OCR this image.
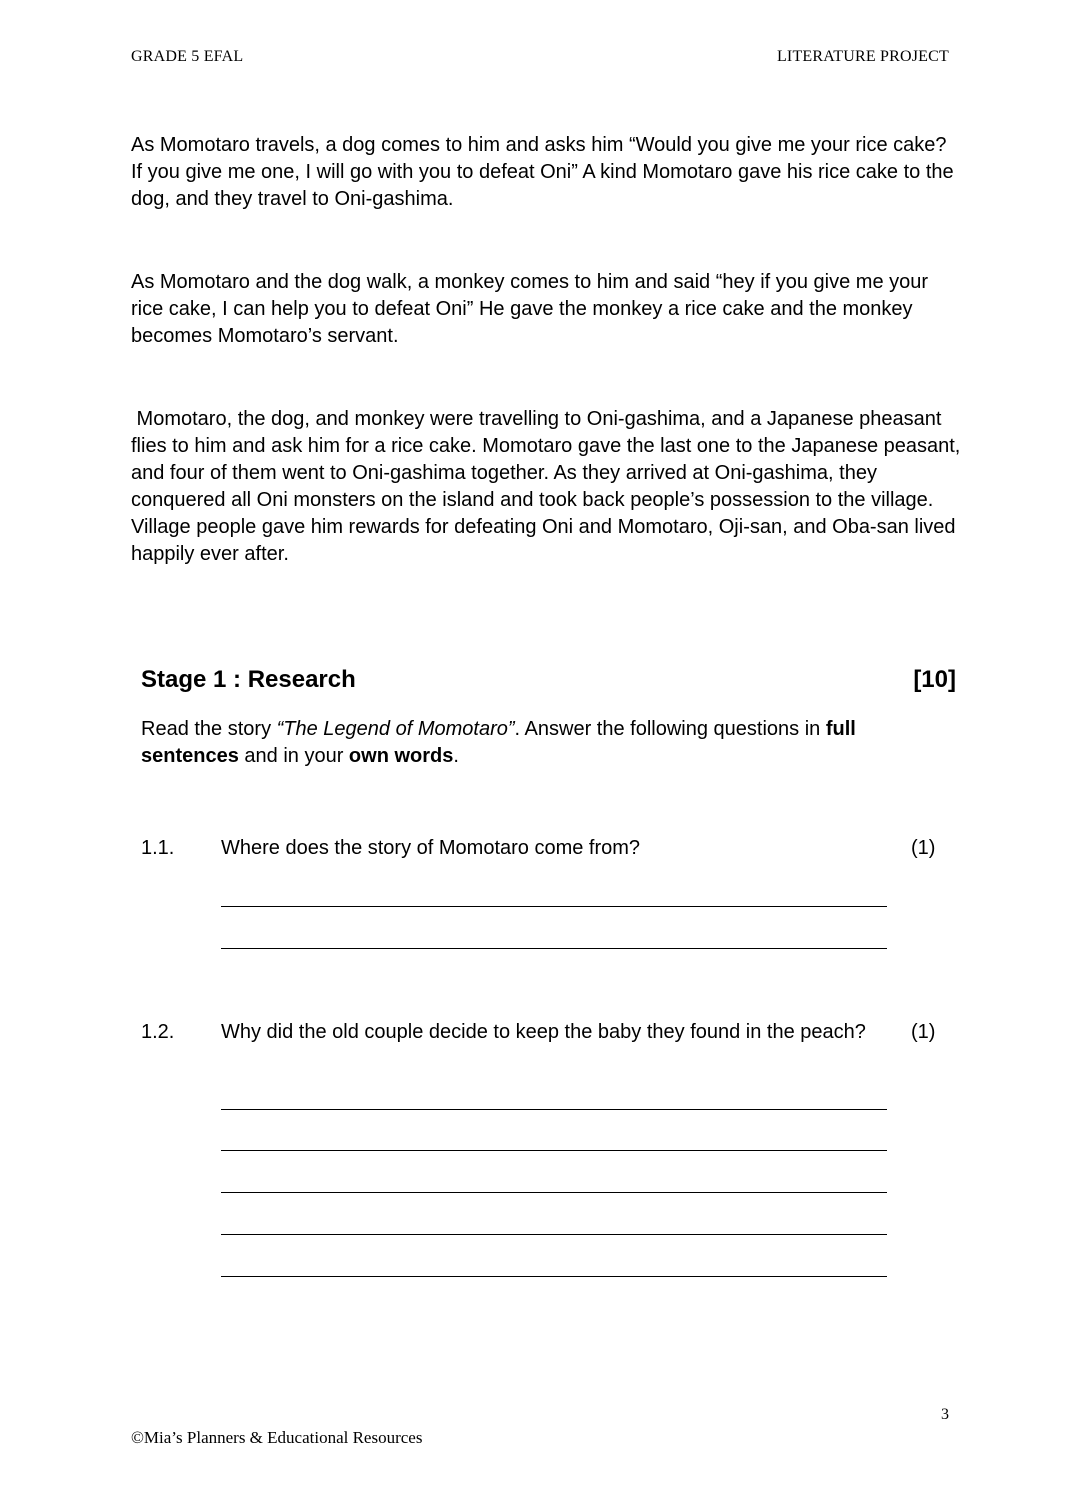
GRADE 5 EFAL	LITERATURE PROJECT

As Momotaro travels, a dog comes to him and asks him “Would you give me your rice cake? If you give me one, I will go with you to defeat Oni” A kind Momotaro gave his rice cake to the dog, and they travel to Oni-gashima.

As Momotaro and the dog walk, a monkey comes to him and said “hey if you give me your rice cake, I can help you to defeat Oni” He gave the monkey a rice cake and the monkey becomes Momotaro’s servant.

Momotaro, the dog, and monkey were travelling to Oni-gashima, and a Japanese pheasant flies to him and ask him for a rice cake. Momotaro gave the last one to the Japanese peasant, and four of them went to Oni-gashima together. As they arrived at Oni-gashima, they conquered all Oni monsters on the island and took back people’s possession to the village. Village people gave him rewards for defeating Oni and Momotaro, Oji-san, and Oba-san lived happily ever after.

Stage 1 : Research	[10]

Read the story “The Legend of Momotaro”. Answer the following questions in full sentences and in your own words.

1.1. Where does the story of Momotaro come from?	(1)
1.2. Why did the old couple decide to keep the baby they found in the peach? (1)
3
©Mia’s Planners & Educational Resources
